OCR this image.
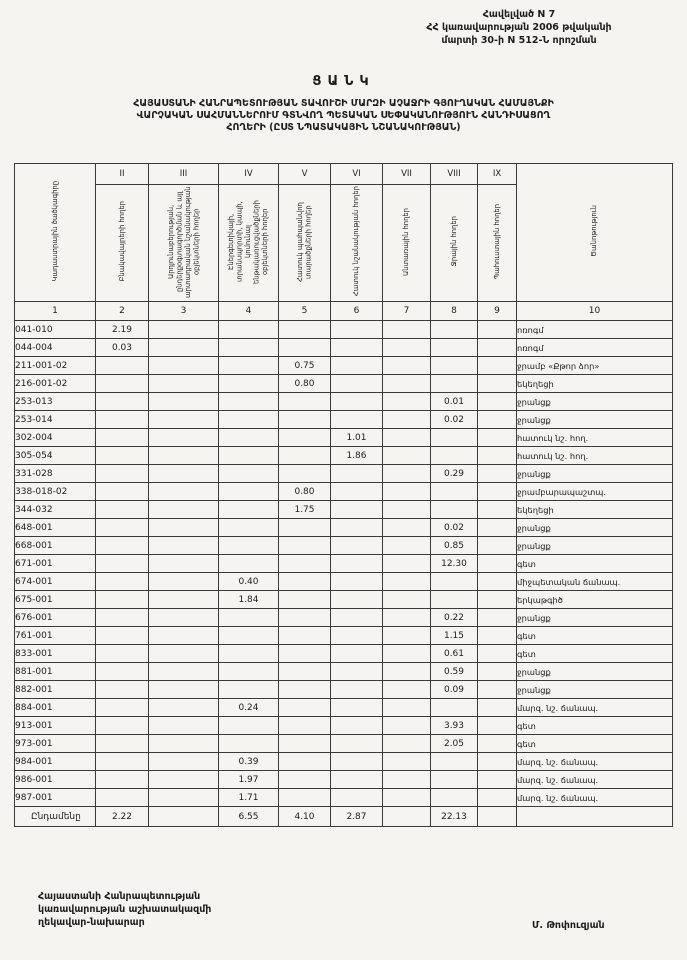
Հավելված N 7
ՀՀ կառավարության 2006 թվականի
մարտի 30-ի N 512-Ն որոշման
ՑԱՆԿ
ՀԱՅԱՍՏԱՆԻ ՀԱՆՐԱՊԵՏՈՒԹՅԱՆ ՏԱՎՈՒՇԻ ՄԱՐԶԻ ԱՉԱՋՐԻ ԳՅՈՒՂԱԿԱՆ ՀԱՄԱՅՆՔԻ
ՎԱՐՉԱԿԱՆ ՍԱՀՄԱՆՆԵՐՈՒՄ ԳՏՆՎՈՂ ՊԵՏԱԿԱՆ ՍԵՓԱԿԱՆՈՒԹՅՈՒՆ ՀԱՆԴԻՍԱՑՈՂ
ՀՈՂԵՐԻ (ԸՍՏ ՆՊԱՏԱԿԱՅԻՆ ՆՇԱՆԱԿՈՒԹՅԱՆ)
Կադաստրային ծածկագիրը	II	III	IV	V	VI	VII	VIII	IX	Ծանոթություն
	Բնակավայրերի հողեր	Արդյունաբերության, ընդերքօգտագործման և այլ արտադրական նշանակության օբյեկտների հողեր	Էներգետիկայի, տրանսպորտի, կապի, կոմունալ ենթակառուցվածքների օբյեկտների հողեր	Հատուկ պահպանվող տարածքների հողեր	Հատուկ նշանակության հողեր	Անտառային հողեր	Ջրային հողեր	Պահուստային հողեր	
1	2	3	4	5	6	7	8	9	10
041-010	2.19								ոռոգմ
044-004	0.03								ոռոգմ
211-001-02				0.75					ջրամբ «Քթոր ձոր»
216-001-02				0.80					եկեղեցի
253-013							0.01		ջրանցք
253-014							0.02		ջրանցք
302-004					1.01				հատուկ նշ. հող.
305-054					1.86				հատուկ նշ. հող.
331-028							0.29		ջրանցք
338-018-02				0.80					ջրամբարապաշտպ.
344-032				1.75					եկեղեցի
648-001							0.02		ջրանցք
668-001							0.85		ջրանցք
671-001							12.30		գետ
674-001			0.40						միջպետական ճանապ.
675-001			1.84						երկաթգիծ
676-001							0.22		ջրանցք
761-001							1.15		գետ
833-001							0.61		գետ
881-001							0.59		ջրանցք
882-001							0.09		ջրանցք
884-001			0.24						մարզ. նշ. ճանապ.
913-001							3.93		գետ
973-001							2.05		գետ
984-001			0.39						մարզ. նշ. ճանապ.
986-001			1.97						մարզ. նշ. ճանապ.
987-001			1.71						մարզ. նշ. ճանապ.
Ընդամենը	2.22		6.55	4.10	2.87		22.13		
Հայաստանի Հանրապետության
կառավարության աշխատակազմի
ղեկավար-նախարար	Մ. Թոփուզյան
